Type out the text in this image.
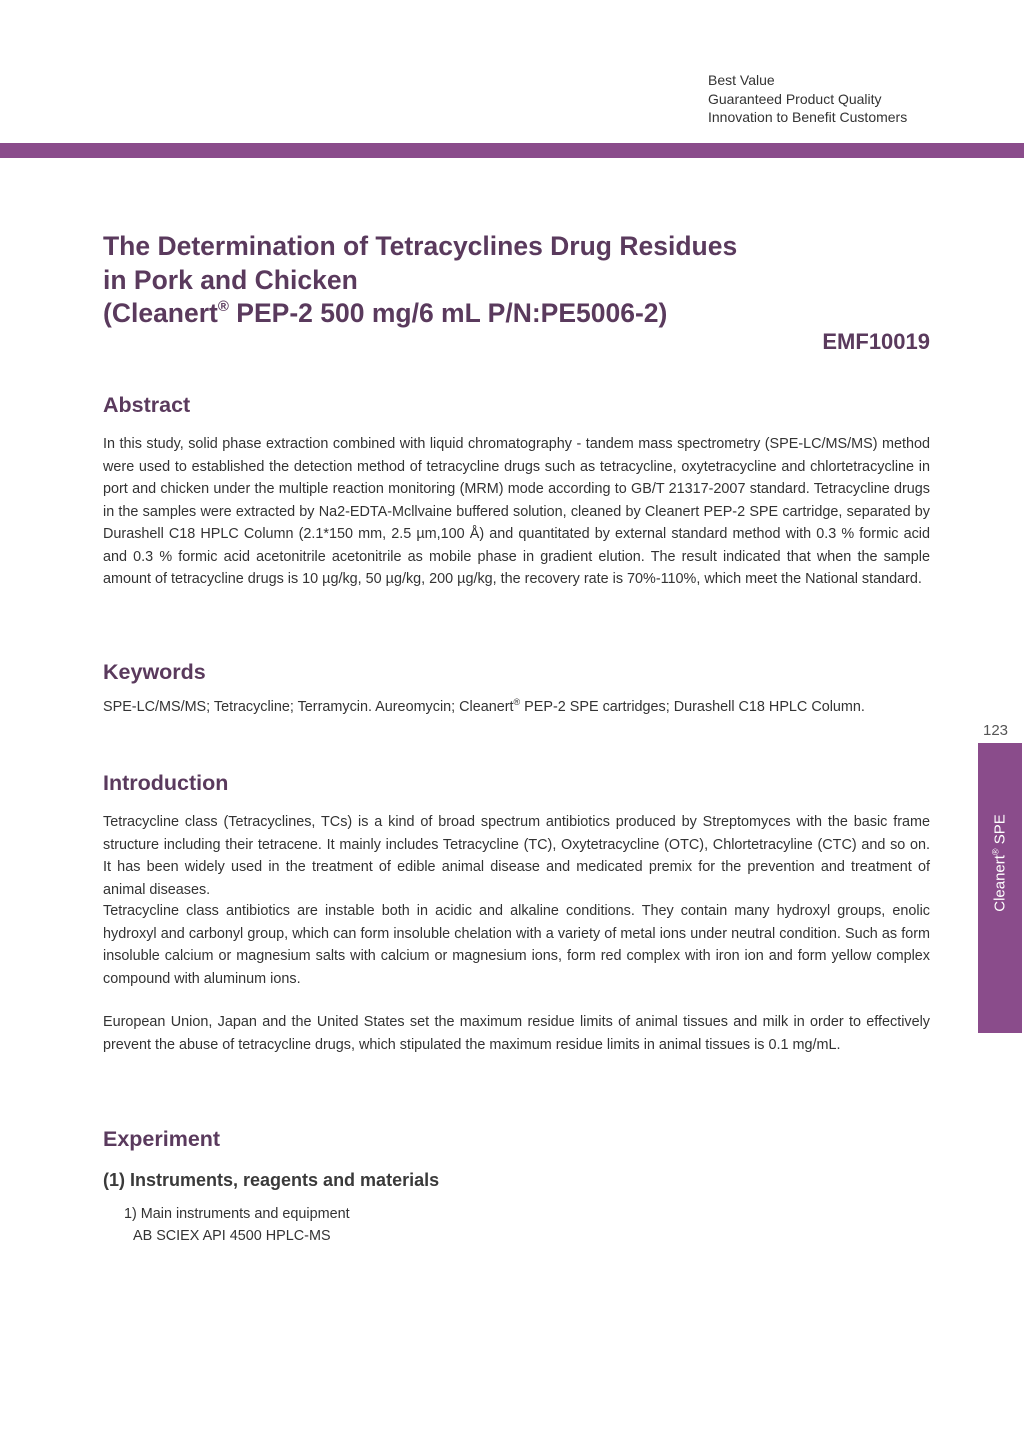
Best Value
Guaranteed Product Quality
Innovation to Benefit Customers
The Determination of Tetracyclines Drug Residues
in Pork and Chicken
(Cleanert® PEP-2 500 mg/6 mL P/N:PE5006-2)
EMF10019
Abstract
In this study, solid phase extraction combined with liquid chromatography - tandem mass spectrometry (SPE-LC/MS/MS) method were used to established the detection method of tetracycline drugs such as tetracycline, oxytetracycline and chlortetracycline in port and chicken under the multiple reaction monitoring (MRM) mode according to GB/T 21317-2007 standard. Tetracycline drugs in the samples were extracted by Na2-EDTA-Mcllvaine buffered solution, cleaned by Cleanert PEP-2 SPE cartridge, separated by Durashell C18 HPLC Column (2.1*150 mm, 2.5 µm,100 Å) and quantitated by external standard method with 0.3 % formic acid and 0.3 % formic acid acetonitrile acetonitrile as mobile phase in gradient elution. The result indicated that when the sample amount of tetracycline drugs is 10 µg/kg, 50 µg/kg, 200 µg/kg, the recovery rate is 70%-110%, which meet the National standard.
Keywords
SPE-LC/MS/MS; Tetracycline; Terramycin. Aureomycin; Cleanert® PEP-2 SPE cartridges; Durashell C18 HPLC Column.
Introduction
Tetracycline class (Tetracyclines, TCs) is a kind of broad spectrum antibiotics produced by Streptomyces with the basic frame structure including their tetracene. It mainly includes Tetracycline (TC), Oxytetracycline (OTC), Chlortetracyline (CTC) and so on. It has been widely used in the treatment of edible animal disease and medicated premix for the prevention and treatment of animal diseases.
Tetracycline class antibiotics are instable both in acidic and alkaline conditions. They contain many hydroxyl groups, enolic hydroxyl and carbonyl group, which can form insoluble chelation with a variety of metal ions under neutral condition. Such as form insoluble calcium or magnesium salts with calcium or magnesium ions, form red complex with iron ion and form yellow complex compound with aluminum ions.
European Union, Japan and the United States set the maximum residue limits of animal tissues and milk in order to effectively prevent the abuse of tetracycline drugs, which stipulated the maximum residue limits in animal tissues is 0.1 mg/mL.
Experiment
(1) Instruments, reagents and materials
1) Main instruments and equipment
AB SCIEX API 4500 HPLC-MS
123
Cleanert® SPE
